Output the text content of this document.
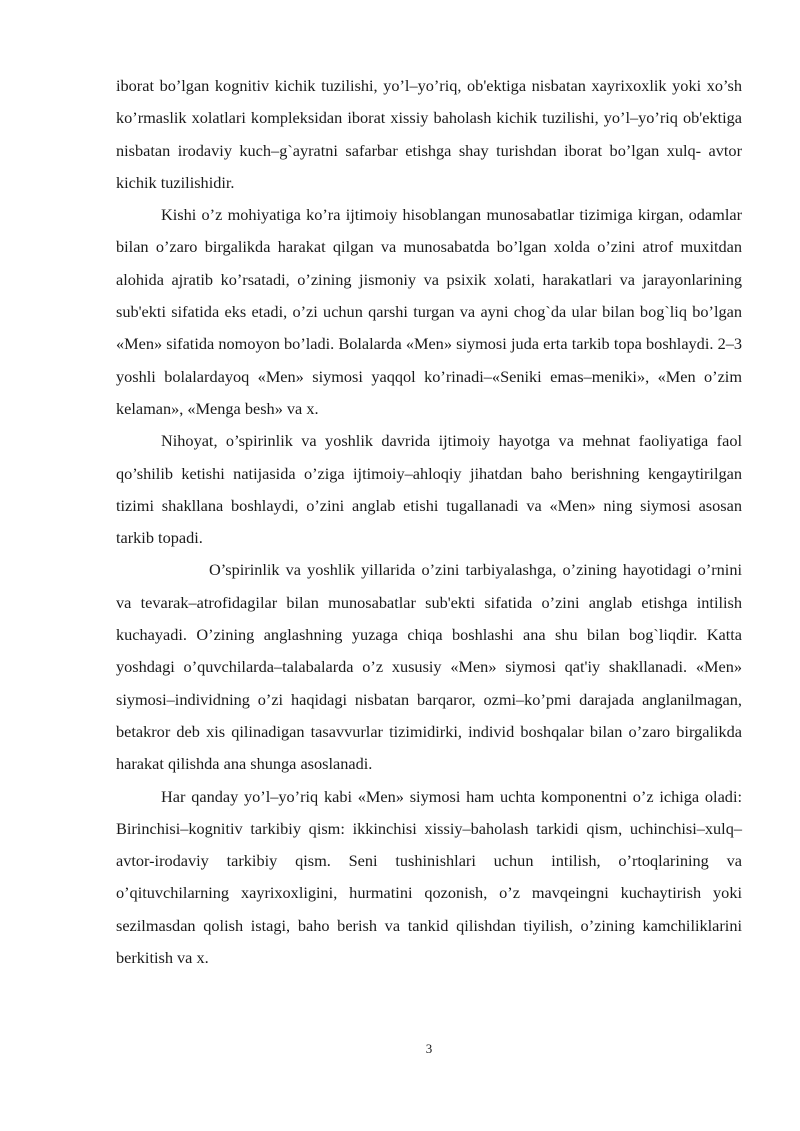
iborat bo’lgan kognitiv kichik tuzilishi, yo’l–yo’riq, ob'ektiga nisbatan xayrixoxlik yoki xo’sh ko’rmaslik xolatlari kompleksidan iborat xissiy baholash kichik tuzilishi, yo’l–yo’riq ob'ektiga nisbatan irodaviy kuch–g`ayratni safarbar etishga shay turishdan iborat bo’lgan xulq- avtor kichik tuzilishidir.

Kishi o’z mohiyatiga ko’ra ijtimoiy hisoblangan munosabatlar tizimiga kirgan, odamlar bilan o’zaro birgalikda harakat qilgan va munosabatda bo’lgan xolda o’zini atrof muxitdan alohida ajratib ko’rsatadi, o’zining jismoniy va psixik xolati, harakatlari va jarayonlarining sub'ekti sifatida eks etadi, o’zi uchun qarshi turgan va ayni chog`da ular bilan bog`liq bo’lgan «Men» sifatida nomoyon bo’ladi. Bolalarda «Men» siymosi juda erta tarkib topa boshlaydi. 2–3 yoshli bolalardayoq «Men» siymosi yaqqol ko’rinadi–«Seniki emas–meniki», «Men o’zim kelaman», «Menga besh» va x.

Nihoyat, o’spirinlik va yoshlik davrida ijtimoiy hayotga va mehnat faoliyatiga faol qo’shilib ketishi natijasida o’ziga ijtimoiy–ahloqiy jihatdan baho berishning kengaytirilgan tizimi shakllana boshlaydi, o’zini anglab etishi tugallanadi va «Men» ning siymosi asosan tarkib topadi.

O’spirinlik va yoshlik yillarida o’zini tarbiyalashga, o’zining hayotidagi o’rnini va tevarak–atrofidagilar bilan munosabatlar sub'ekti sifatida o’zini anglab etishga intilish kuchayadi. O’zining anglashning yuzaga chiqa boshlashi ana shu bilan bog`liqdir. Katta yoshdagi o’quvchilarda–talabalarda o’z xususiy «Men» siymosi qat'iy shakllanadi. «Men» siymosi–individning o’zi haqidagi nisbatan barqaror, ozmi–ko’pmi darajada anglanilmagan, betakror deb xis qilinadigan tasavvurlar tizimidirki, individ boshqalar bilan o’zaro birgalikda harakat qilishda ana shunga asoslanadi.

Har qanday yo’l–yo’riq kabi «Men» siymosi ham uchta komponentni o’z ichiga oladi: Birinchisi–kognitiv tarkibiy qism: ikkinchisi xissiy–baholash tarkidi qism, uchinchisi–xulq–avtor-irodaviy tarkibiy qism. Seni tushinishlari uchun intilish, o’rtoqlarining va o’qituvchilarning xayrixoxligini, hurmatini qozonish, o’z mavqeingni kuchaytirish yoki sezilmasdan qolish istagi, baho berish va tankid qilishdan tiyilish, o’zining kamchiliklarini berkitish va x.

3
